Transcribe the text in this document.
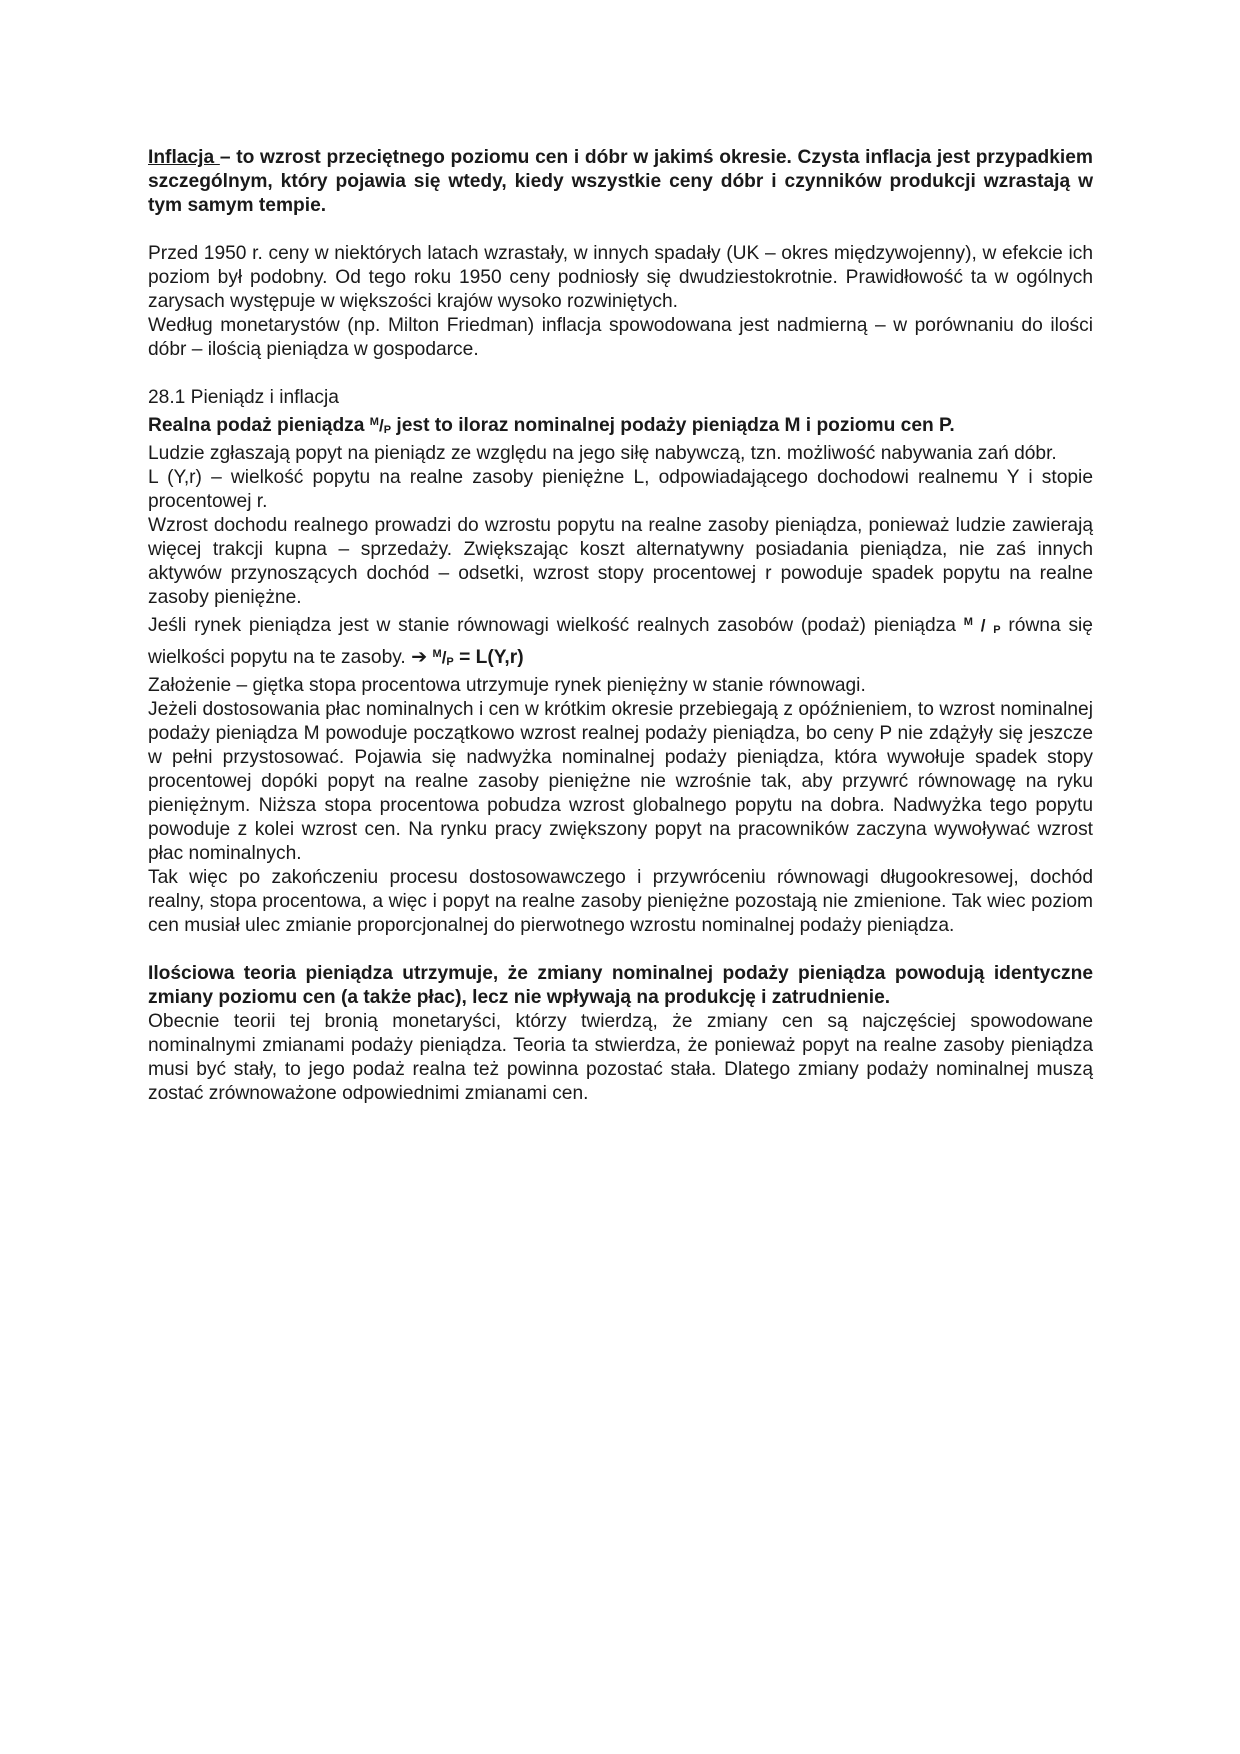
Inflacja – to wzrost przeciętnego poziomu cen i dóbr w jakimś okresie. Czysta inflacja jest przypadkiem szczególnym, który pojawia się wtedy, kiedy wszystkie ceny dóbr i czynników produkcji wzrastają w tym samym tempie.

Przed 1950 r. ceny w niektórych latach wzrastały, w innych spadały (UK – okres międzywojenny), w efekcie ich poziom był podobny. Od tego roku 1950 ceny podniosły się dwudziestokrotnie. Prawidłowość ta w ogólnych zarysach występuje w większości krajów wysoko rozwiniętych.

Według monetarystów (np. Milton Friedman) inflacja spowodowana jest nadmierną – w porównaniu do ilości dóbr – ilością pieniądza w gospodarce.

28.1 Pieniądz i inflacja

Realna podaż pieniądza $^M$/P jest to iloraz nominalnej podaży pieniądza M i poziomu cen P.

Ludzie zgłaszają popyt na pieniądz ze względu na jego siłę nabywczą, tzn. możliwość nabywania zań dóbr.

L (Y,r) – wielkość popytu na realne zasoby pieniężne L, odpowiadającego dochodowi realnemu Y i stopie procentowej r.

Wzrost dochodu realnego prowadzi do wzrostu popytu na realne zasoby pieniądza, ponieważ ludzie zawierają więcej trakcji kupna – sprzedaży. Zwiększając koszt alternatywny posiadania pieniądza, nie zaś innych aktywów przynoszących dochód – odsetki, wzrost stopy procentowej r powoduje spadek popytu na realne zasoby pieniężne.

Jeśli rynek pieniądza jest w stanie równowagi wielkość realnych zasobów (podaż) pieniądza $^M$ / P równa się wielkości popytu na te zasoby. ➔ $^M$/P = L(Y,r)

Założenie – giętka stopa procentowa utrzymuje rynek pieniężny w stanie równowagi.

Jeżeli dostosowania płac nominalnych i cen w krótkim okresie przebiegają z opóźnieniem, to wzrost nominalnej podaży pieniądza M powoduje początkowo wzrost realnej podaży pieniądza, bo ceny P nie zdążyły się jeszcze w pełni przystosować. Pojawia się nadwyżka nominalnej podaży pieniądza, która wywołuje spadek stopy procentowej dopóki popyt na realne zasoby pieniężne nie wzrośnie tak, aby przywrć równowagę na ryku pieniężnym. Niższa stopa procentowa pobudza wzrost globalnego popytu na dobra. Nadwyżka tego popytu powoduje z kolei wzrost cen. Na rynku pracy zwiększony popyt na pracowników zaczyna wywoływać wzrost płac nominalnych.

Tak więc po zakończeniu procesu dostosowawczego i przywróceniu równowagi długookresowej, dochód realny, stopa procentowa, a więc i popyt na realne zasoby pieniężne pozostają nie zmienione. Tak wiec poziom cen musiał ulec zmianie proporcjonalnej do pierwotnego wzrostu nominalnej podaży pieniądza.

Ilościowa teoria pieniądza utrzymuje, że zmiany nominalnej podaży pieniądza powodują identyczne zmiany poziomu cen (a także płac), lecz nie wpływają na produkcję i zatrudnienie.

Obecnie teorii tej bronią monetaryści, którzy twierdzą, że zmiany cen są najczęściej spowodowane nominalnymi zmianami podaży pieniądza. Teoria ta stwierdza, że ponieważ popyt na realne zasoby pieniądza musi być stały, to jego podaż realna też powinna pozostać stała. Dlatego zmiany podaży nominalnej muszą zostać zrównoważone odpowiednimi zmianami cen.
